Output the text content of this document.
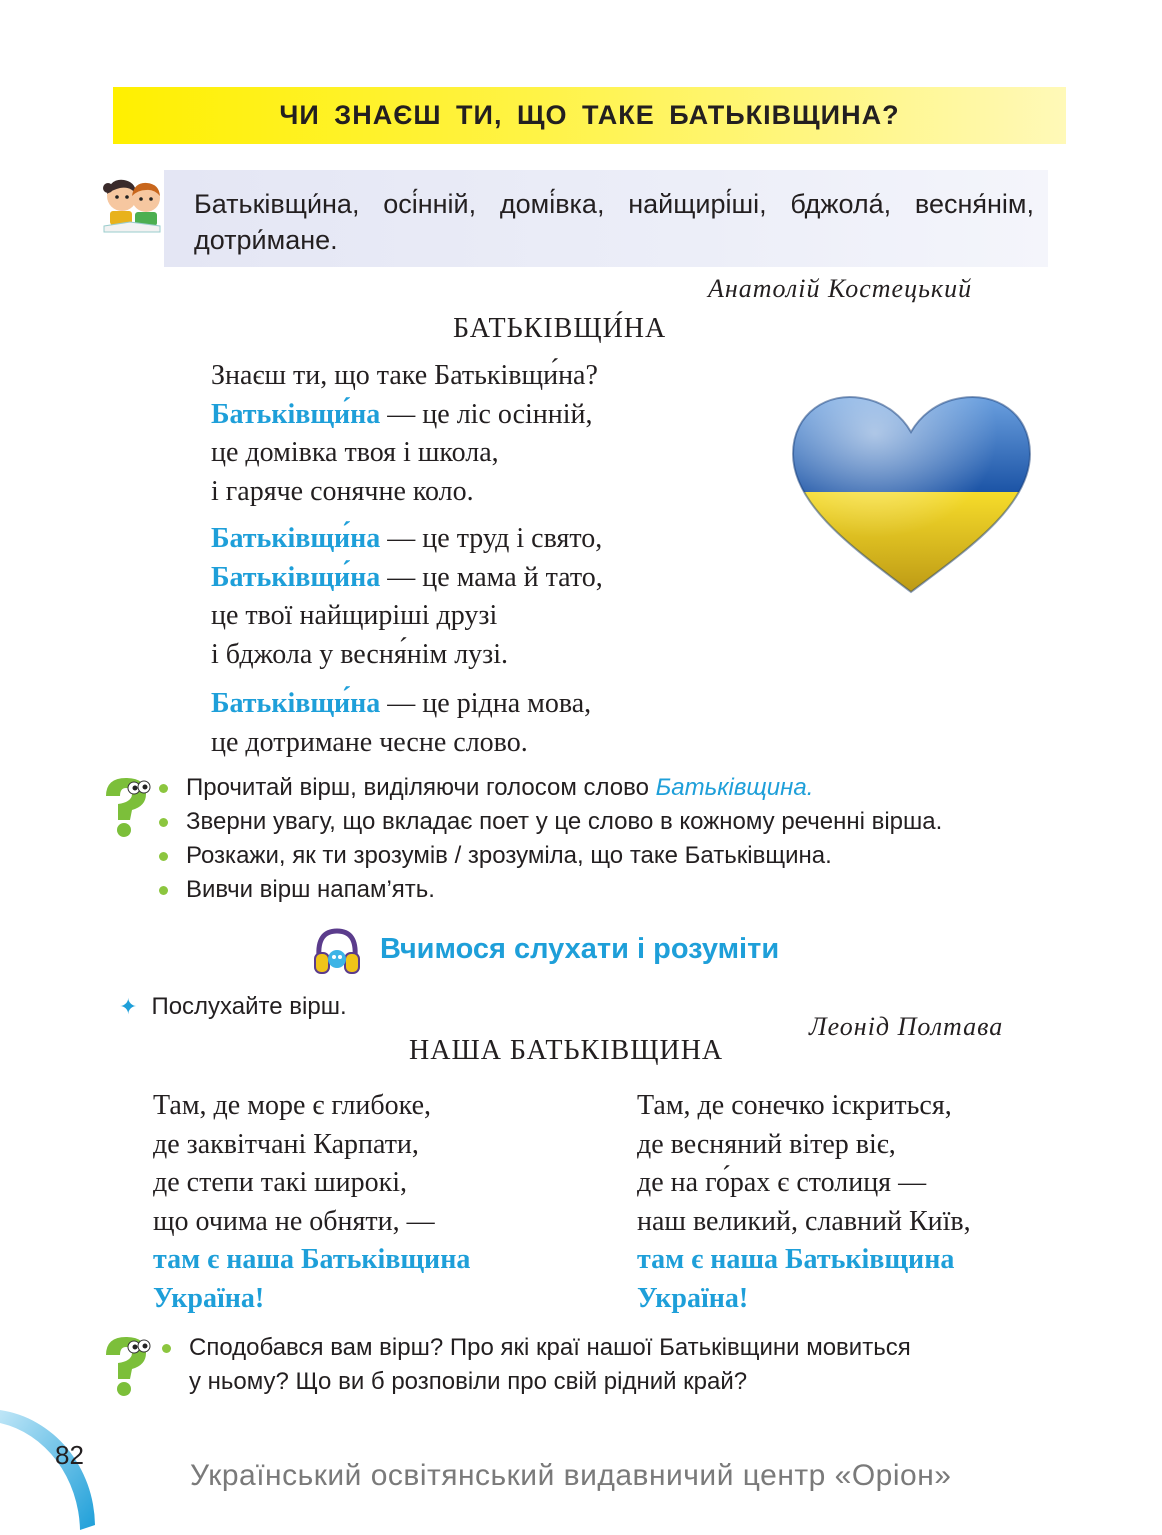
ЧИ ЗНАЄШ ТИ, ЩО ТАКЕ БАТЬКІВЩИНА?
Батьківщи́на, осі́нній, домі́вка, найщирі́ші, бджола́, весня́нім, дотри́мане.
Анатолій Костецький
БАТЬКІВЩИ́НА
Знаєш ти, що таке Батьківщи́на?
Батьківщи́на — це ліс осінній,
це домівка твоя і школа,
і гаряче сонячне коло.
Батьківщи́на — це труд і свято,
Батьківщи́на — це мама й тато,
це твої найщиріші друзі
і бджола у весня́нім лузі.
Батьківщи́на — це рідна мова,
це дотримане чесне слово.
Прочитай вірш, виділяючи голосом слово Батьківщина.
Зверни увагу, що вкладає поет у це слово в кожному реченні вірша.
Розкажи, як ти зрозумів / зрозуміла, що таке Батьківщина.
Вивчи вірш напам’ять.
Вчимося слухати і розуміти
✦ Послухайте вірш.
Леонід Полтава
НАША БАТЬКІВЩИНА
Там, де море є глибоке,
де заквітчані Карпати,
де степи такі широкі,
що очима не обняти, —
там є наша Батьківщина
Україна!
Там, де сонечко іскриться,
де весняний вітер віє,
де на го́рах є столиця —
наш великий, славний Київ,
там є наша Батьківщина
Україна!
Сподобався вам вірш? Про які краї нашої Батьківщини мовиться
у ньому? Що ви б розповіли про свій рідний край?
82
Український освітянський видавничий центр «Оріон»
